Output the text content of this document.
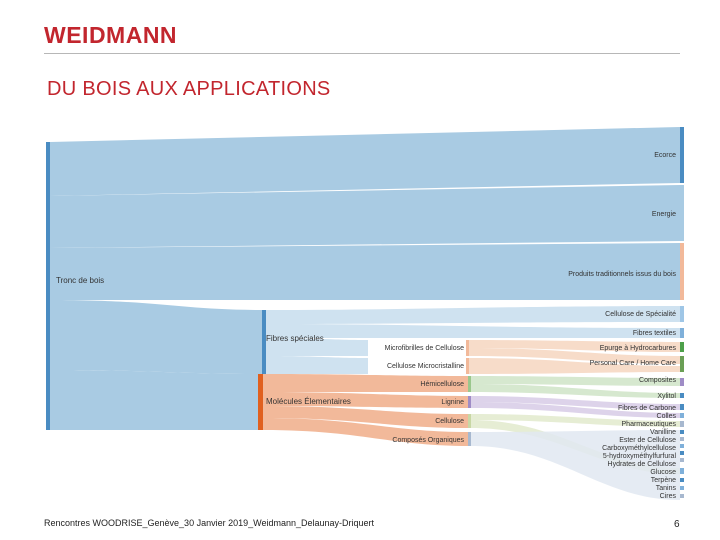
WEIDMANN
DU BOIS AUX APPLICATIONS
Tronc de bois
Fibres spéciales
Molécules Élementaires
Microfibrilles de Cellulose
Cellulose Microcristalline
Hémicellulose
Lignine
Cellulose
Composés Organiques
Ecorce
Energie
Produits traditionnels issus du bois
Cellulose de Spécialité
Fibres textiles
Epurge à Hydrocarbures
Personal Care / Home Care
Composites
Xylitol
Fibres de Carbone
Colles
Pharmaceutiques
Vanilline
Ester de Cellulose
Carboxyméthylcellulose
5-hydroxyméthylfurfural
Hydrates de Cellulose
Glucose
Terpène
Tanins
Cires
Rencontres WOODRISE_Genève_30 Janvier 2019_Weidmann_Delaunay-Driquert	6
